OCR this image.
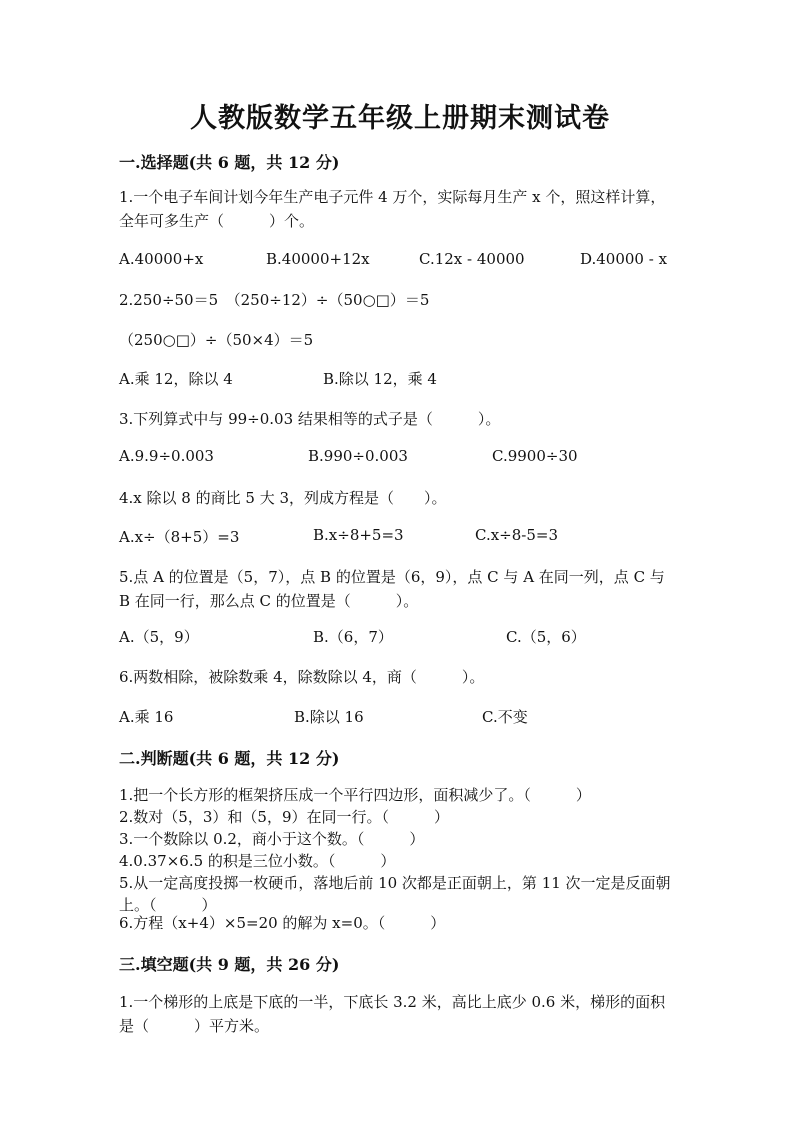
人教版数学五年级上册期末测试卷
一.选择题(共 6 题，共 12 分)
1.一个电子车间计划今年生产电子元件 4 万个，实际每月生产 x 个，照这样计算，全年可多生产（　　　）个。
A.40000+x	B.40000+12x	C.12x - 40000	D.40000 - x
2.250÷50＝5　（250÷12）÷（50○□）＝5
（250○□）÷（50×4）＝5
A.乘 12，除以 4	B.除以 12，乘 4
3.下列算式中与 99÷0.03 结果相等的式子是（　　　）。
A.9.9÷0.003	B.990÷0.003	C.9900÷30
4.x 除以 8 的商比 5 大 3，列成方程是（　　）。
A.x÷（8+5）=3	B.x÷8+5=3	C.x÷8-5=3
5.点 A 的位置是（5，7），点 B 的位置是（6，9），点 C 与 A 在同一列，点 C 与 B 在同一行，那么点 C 的位置是（　　　）。
A.（5，9）	B.（6，7）	C.（5，6）
6.两数相除，被除数乘 4，除数除以 4，商（　　　）。
A.乘 16	B.除以 16	C.不变
二.判断题(共 6 题，共 12 分)
1.把一个长方形的框架挤压成一个平行四边形，面积减少了。（　　　）
2.数对（5，3）和（5，9）在同一行。（　　　）
3.一个数除以 0.2，商小于这个数。（　　　）
4.0.37×6.5 的积是三位小数。（　　　）
5.从一定高度投掷一枚硬币，落地后前 10 次都是正面朝上，第 11 次一定是反面朝上。（　　　）
6.方程（x+4）×5=20 的解为 x=0。（　　　）
三.填空题(共 9 题，共 26 分)
1.一个梯形的上底是下底的一半，下底长 3.2 米，高比上底少 0.6 米，梯形的面积是（　　　）平方米。
